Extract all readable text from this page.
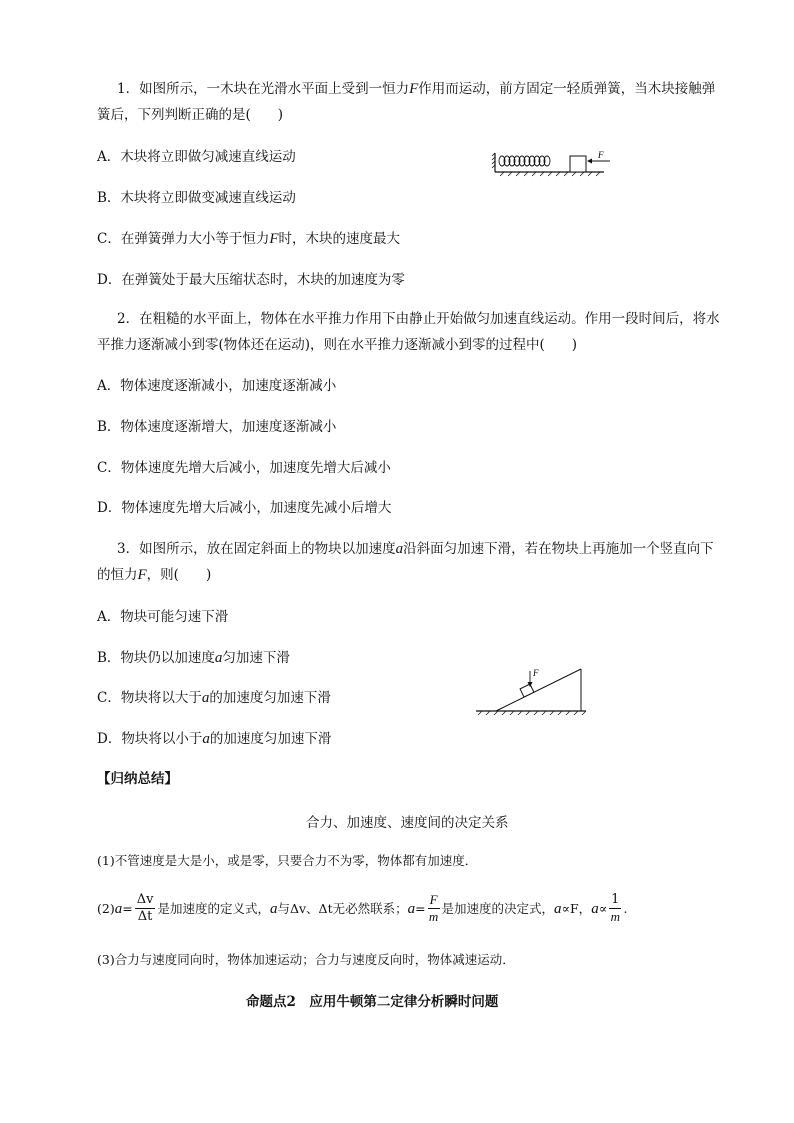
1．如图所示，一木块在光滑水平面上受到一恒力F作用而运动，前方固定一轻质弹簧，当木块接触弹
簧后，下列判断正确的是(　　)
A．木块将立即做匀减速直线运动
B．木块将立即做变减速直线运动
C．在弹簧弹力大小等于恒力F时，木块的速度最大
D．在弹簧处于最大压缩状态时，木块的加速度为零
F
2．在粗糙的水平面上，物体在水平推力作用下由静止开始做匀加速直线运动。作用一段时间后，将水
平推力逐渐减小到零(物体还在运动)，则在水平推力逐渐减小到零的过程中(　　)
A．物体速度逐渐减小，加速度逐渐减小
B．物体速度逐渐增大，加速度逐渐减小
C．物体速度先增大后减小，加速度先增大后减小
D．物体速度先增大后减小，加速度先减小后增大
3．如图所示，放在固定斜面上的物块以加速度a沿斜面匀加速下滑，若在物块上再施加一个竖直向下
的恒力F，则(　　)
A．物块可能匀速下滑
B．物块仍以加速度a匀加速下滑
C．物块将以大于a的加速度匀加速下滑
D．物块将以小于a的加速度匀加速下滑
F
【归纳总结】
合力、加速度、速度间的决定关系
(1)不管速度是大是小，或是零，只要合力不为零，物体都有加速度．
(2) $a = \frac{\Delta v}{\Delta t}$ 是加速度的定义式， a 与Δv、Δt无必然联系； $a = \frac{F}{m}$ 是加速度的决定式， a ∝F， $a \propto \frac{1}{m}$ .
(3)合力与速度同向时，物体加速运动；合力与速度反向时，物体减速运动．
命题点2　应用牛顿第二定律分析瞬时问题
